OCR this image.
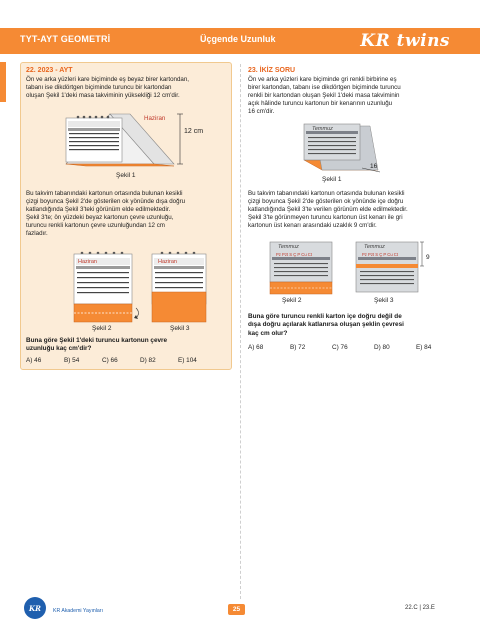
TYT-AYT GEOMETRİ	Üçgende Uzunluk	KR twins
22. 2023 - AYT
Ön ve arka yüzleri kare biçiminde eş beyaz birer kartondan,
tabanı ise dikdörtgen biçiminde turuncu bir kartondan
oluşan Şekil 1'deki masa takviminin yüksekliği 12 cm'dir.
Haziran
12 cm
Şekil 1
Bu takvim tabanındaki kartonun ortasında bulunan kesikli
çizgi boyunca Şekil 2'de gösterilen ok yönünde dışa doğru
katlandığında Şekil 3'teki görünüm elde edilmektedir.
Şekil 3'te; ön yüzdeki beyaz kartonun çevre uzunluğu,
turuncu renkli kartonun çevre uzunluğundan 12 cm
fazladır.
Haziran	Haziran
Şekil 2	Şekil 3
Buna göre Şekil 1'deki turuncu kartonun çevre
uzunluğu kaç cm'dir?
A) 46	B) 54	C) 66	D) 82	E) 104
23. İKİZ SORU
Ön ve arka yüzleri kare biçiminde gri renkli birbirine eş
birer kartondan, tabanı ise dikdörtgen biçiminde turuncu
renkli bir kartondan oluşan Şekil 1'deki masa takviminin
açık hâlinde turuncu kartonun bir kenarının uzunluğu
16 cm'dir.
Temmuz
16
Şekil 1
Bu takvim tabanındaki kartonun ortasında bulunan kesikli
çizgi boyunca Şekil 2'de gösterilen ok yönünde içe doğru
katlandığında Şekil 3'te verilen görünüm elde edilmektedir.
Şekil 3'te görünmeyen turuncu kartonun üst kenarı ile gri
kartonun üst kenarı arasındaki uzaklık 9 cm'dir.
Temmuz
Pz Pzt S Ç P Cu Ct
Temmuz
Pz Pzt S Ç P Cu Ct	9
Şekil 2	Şekil 3
Buna göre turuncu renkli karton içe doğru değil de
dışa doğru açılarak katlanırsa oluşan şeklin çevresi
kaç cm olur?
A) 68	B) 72	C) 76	D) 80	E) 84
KR	KR Akademi Yayınları	25	22.C | 23.E
